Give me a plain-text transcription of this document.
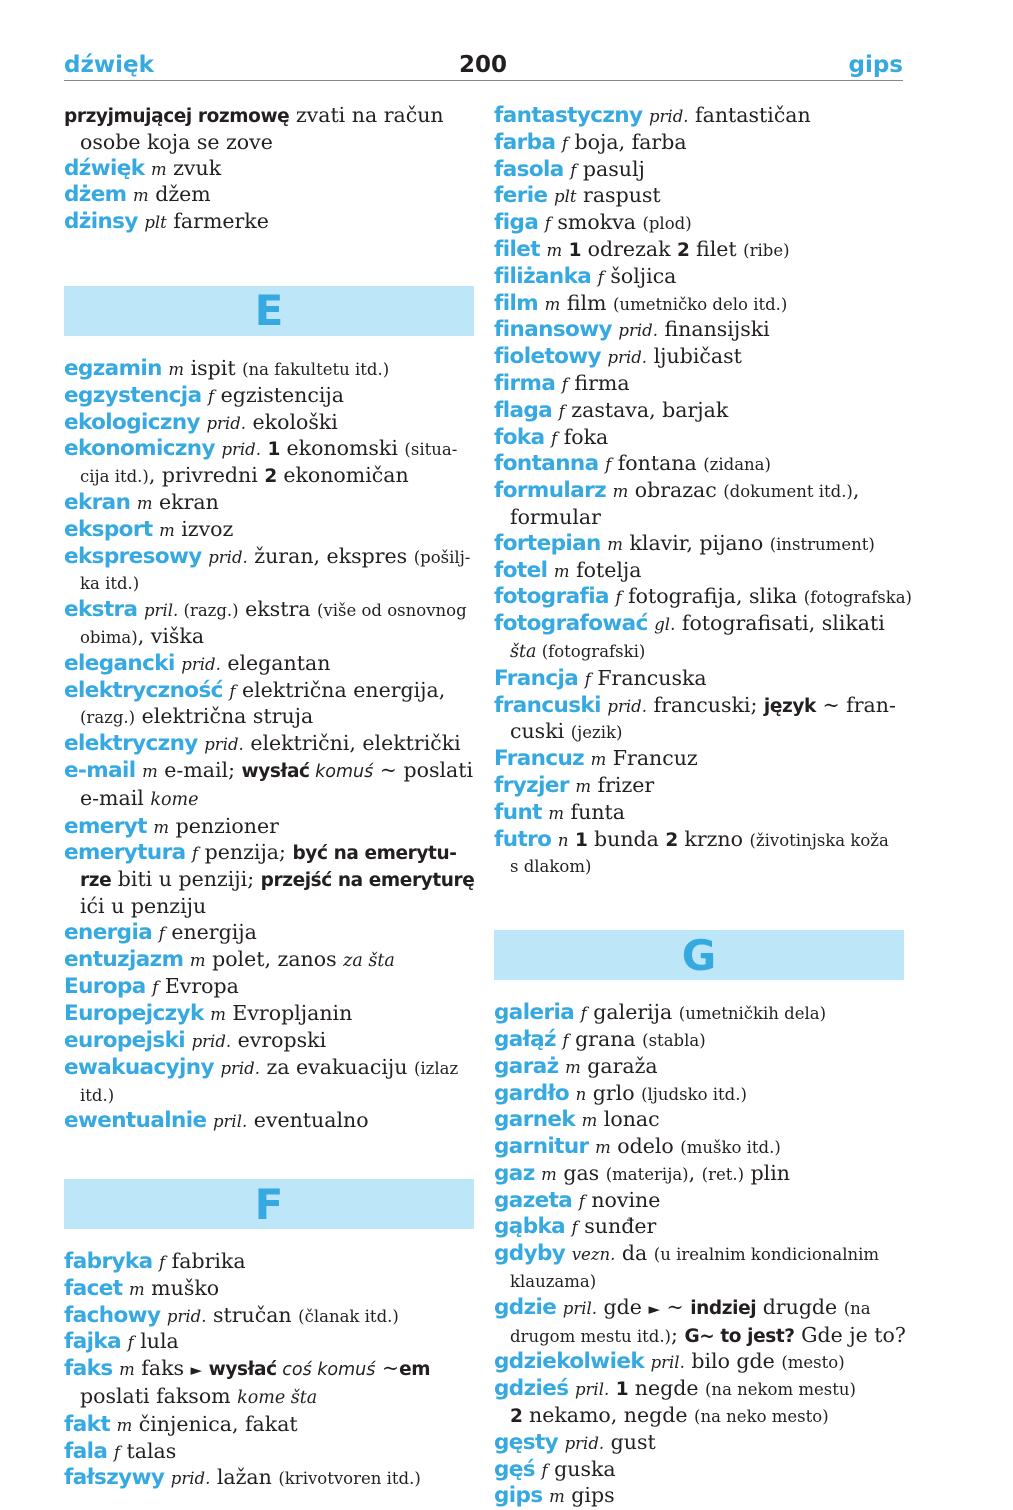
dźwięk	200	gips
przyjmującej rozmowę zvati na račun
osobe koja se zove
dźwięk m zvuk
dżem m džem
dżinsy plt farmerke
E
egzamin m ispit (na fakultetu itd.)
egzystencja f egzistencija
ekologiczny prid. ekološki
ekonomiczny prid. 1 ekonomski (situa-
cija itd.), privredni 2 ekonomičan
ekran m ekran
eksport m izvoz
ekspresowy prid. žuran, ekspres (pošilj-
ka itd.)
ekstra pril. (razg.) ekstra (više od osnovnog
obima), viška
elegancki prid. elegantan
elektryczność f električna energija,
(razg.) električna struja
elektryczny prid. električni, električki
e-mail m e-mail; wysłać komuś ~ poslati
e-mail kome
emeryt m penzioner
emerytura f penzija; być na emerytu-
rze biti u penziji; przejść na emeryturę
ići u penziju
energia f energija
entuzjazm m polet, zanos za šta
Europa f Evropa
Europejczyk m Evropljanin
europejski prid. evropski
ewakuacyjny prid. za evakuaciju (izlaz
itd.)
ewentualnie pril. eventualno
F
fabryka f fabrika
facet m muško
fachowy prid. stručan (članak itd.)
fajka f lula
faks m faks ► wysłać coś komuś ~em
poslati faksom kome šta
fakt m činjenica, fakat
fala f talas
fałszywy prid. lažan (krivotvoren itd.)
fantastyczny prid. fantastičan
farba f boja, farba
fasola f pasulj
ferie plt raspust
figa f smokva (plod)
filet m 1 odrezak 2 filet (ribe)
filiżanka f šoljica
film m film (umetničko delo itd.)
finansowy prid. finansijski
fioletowy prid. ljubičast
firma f firma
flaga f zastava, barjak
foka f foka
fontanna f fontana (zidana)
formularz m obrazac (dokument itd.),
formular
fortepian m klavir, pijano (instrument)
fotel m fotelja
fotografia f fotografija, slika (fotografska)
fotografować gl. fotografisati, slikati
šta (fotografski)
Francja f Francuska
francuski prid. francuski; język ~ fran-
cuski (jezik)
Francuz m Francuz
fryzjer m frizer
funt m funta
futro n 1 bunda 2 krzno (životinjska koža
s dlakom)
G
galeria f galerija (umetničkih dela)
gałąź f grana (stabla)
garaż m garaža
gardło n grlo (ljudsko itd.)
garnek m lonac
garnitur m odelo (muško itd.)
gaz m gas (materija), (ret.) plin
gazeta f novine
gąbka f sunđer
gdyby vezn. da (u irealnim kondicionalnim
klauzama)
gdzie pril. gde ► ~ indziej drugde (na
drugom mestu itd.); G~ to jest? Gde je to?
gdziekolwiek pril. bilo gde (mesto)
gdzieś pril. 1 negde (na nekom mestu)
2 nekamo, negde (na neko mesto)
gęsty prid. gust
gęś f guska
gips m gips
